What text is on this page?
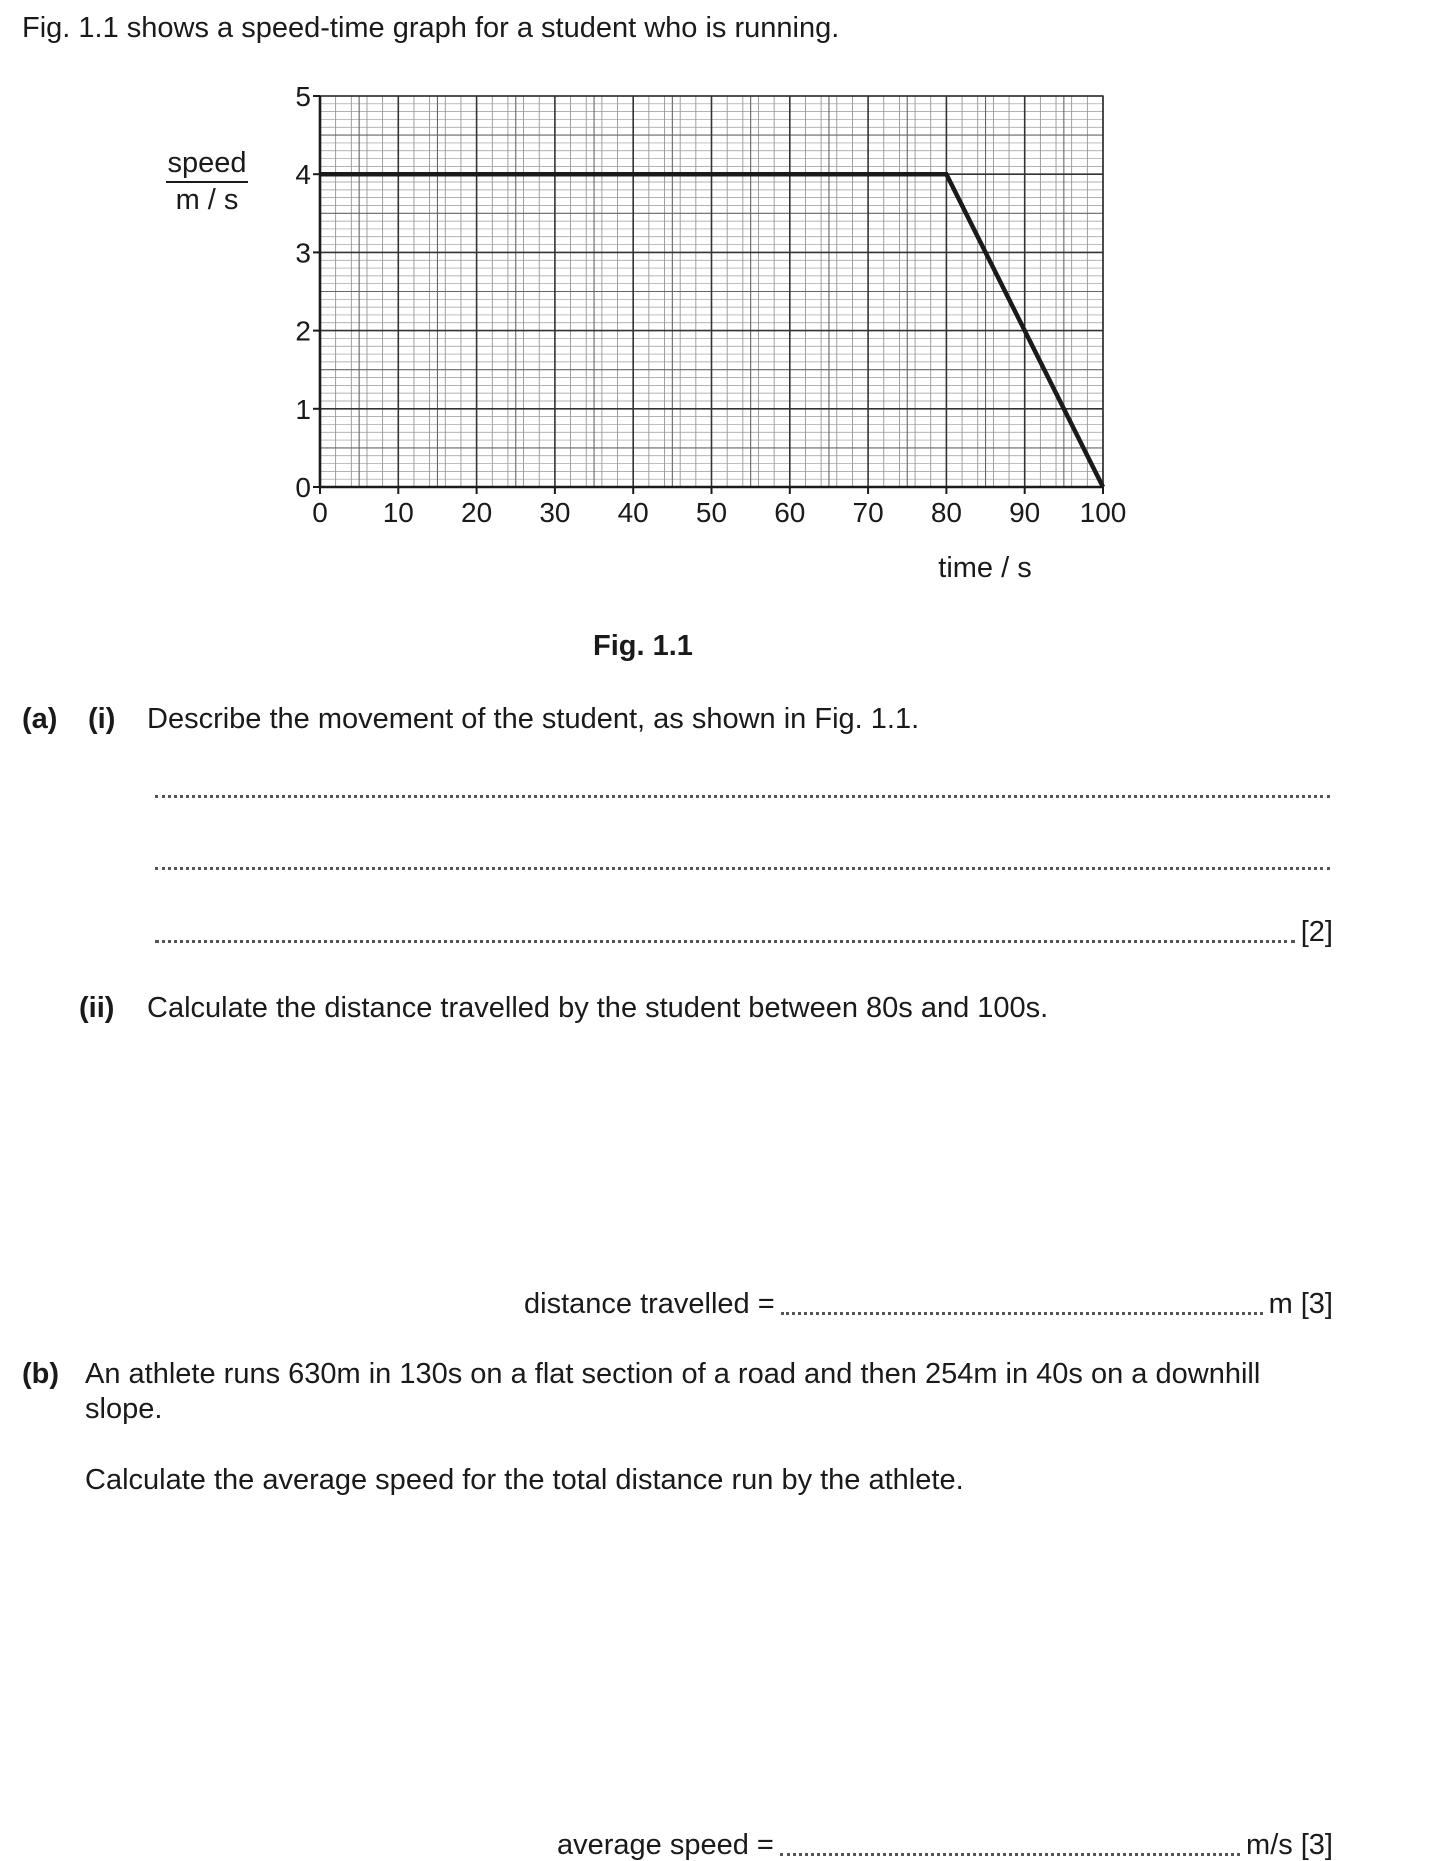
Fig. 1.1 shows a speed-time graph for a student who is running.
0 10 20 30 40 50 60 70 80 90 100
0
1
2
3
4
5
speed
m / s
time / s
Fig. 1.1
(a) (i) Describe the movement of the student, as shown in Fig. 1.1.
[2]
(ii) Calculate the distance travelled by the student between 80s and 100s.
distance travelled =	m [3]
(b) An athlete runs 630m in 130s on a flat section of a road and then 254m in 40s on a downhill
slope.
Calculate the average speed for the total distance run by the athlete.
average speed =	m/s [3]
